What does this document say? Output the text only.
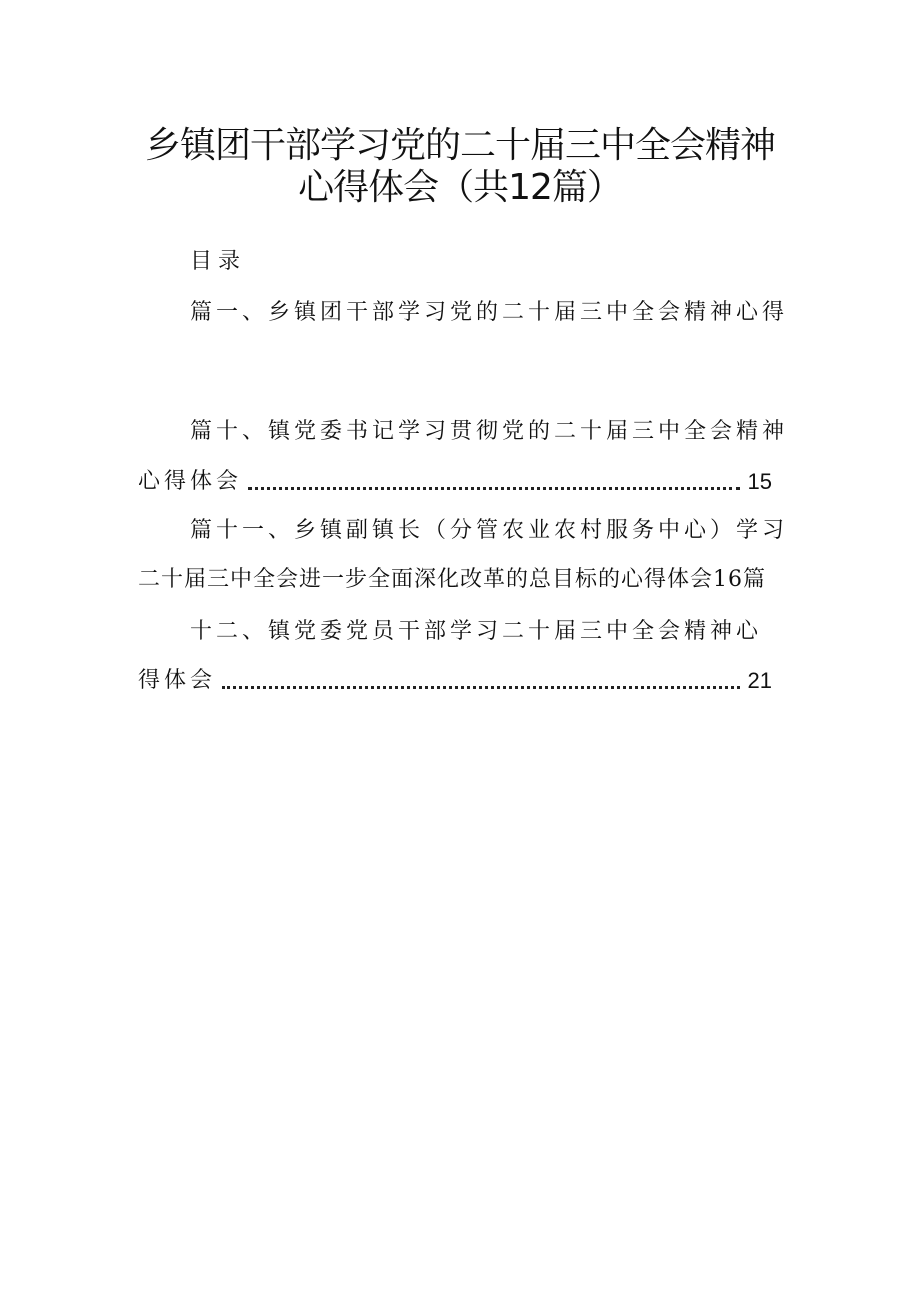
乡镇团干部学习党的二十届三中全会精神
心得体会（共12篇）
目录
篇一、乡镇团干部学习党的二十届三中全会精神心得
篇十、镇党委书记学习贯彻党的二十届三中全会精神
心得体会	15
篇十一、乡镇副镇长（分管农业农村服务中心）学习
二十届三中全会进一步全面深化改革的总目标的心得体会16篇
十二、镇党委党员干部学习二十届三中全会精神心
得体会	21
